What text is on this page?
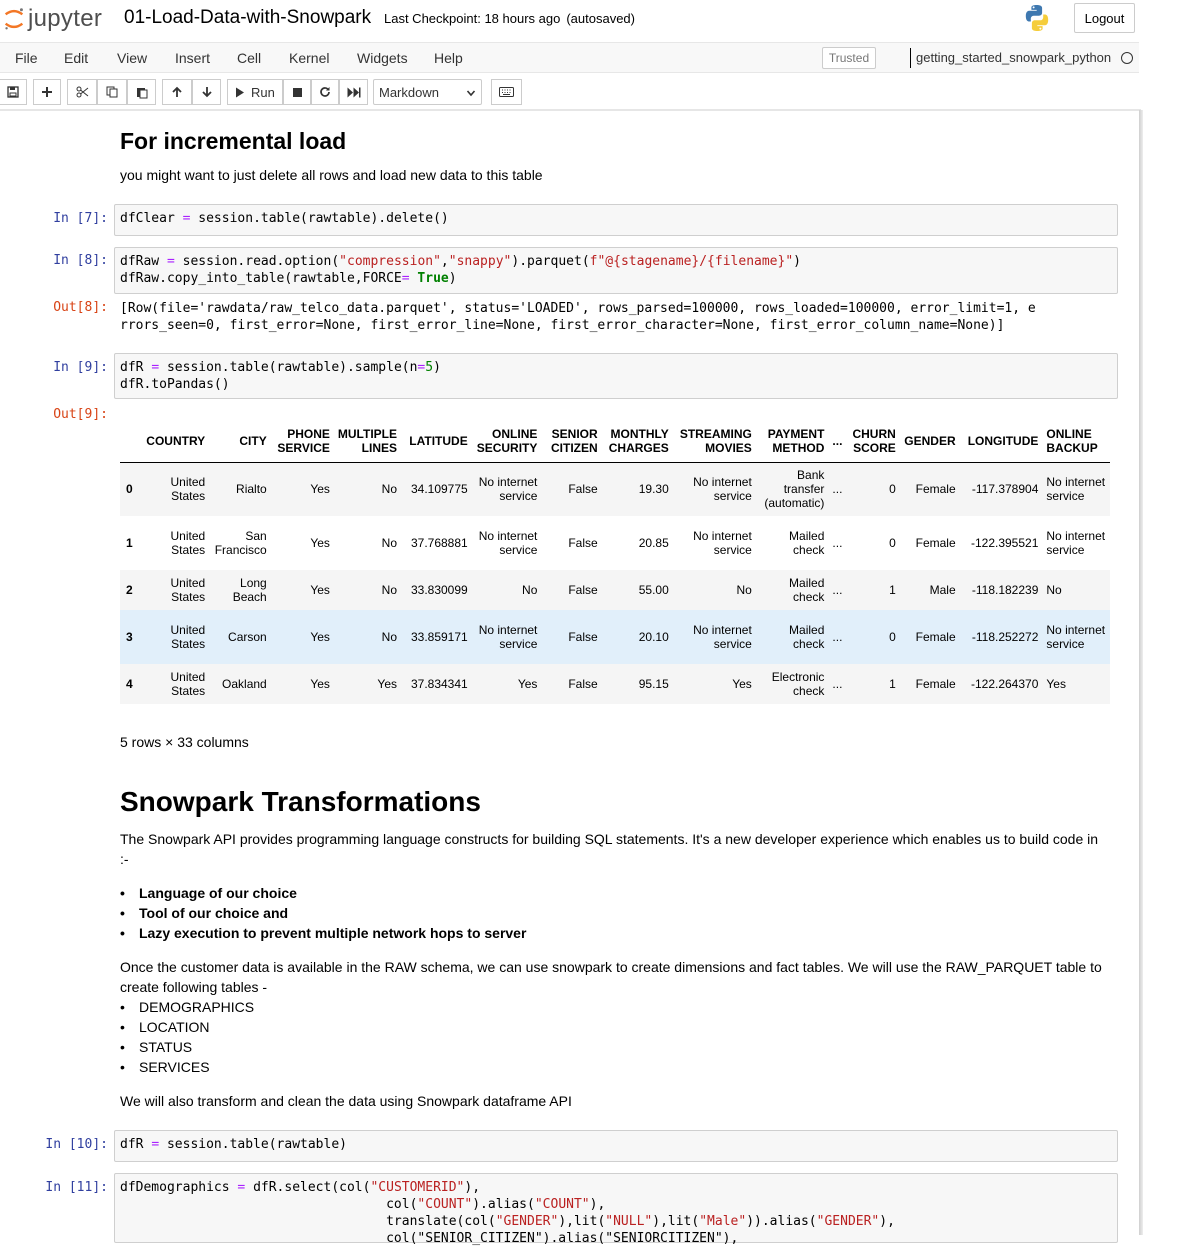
jupyter 01-Load-Data-with-Snowpark Last Checkpoint: 18 hours ago (autosaved)	Logout
File Edit View Insert Cell Kernel Widgets Help	Trusted	getting_started_snowpark_python
Run	Markdown
For incremental load
you might want to just delete all rows and load new data to this table
In [7]: dfClear = session.table(rawtable).delete()
In [8]: dfRaw = session.read.option("compression","snappy").parquet(f"@{stagename}/{filename}")
dfRaw.copy_into_table(rawtable,FORCE= True)
Out[8]: [Row(file='rawdata/raw_telco_data.parquet', status='LOADED', rows_parsed=100000, rows_loaded=100000, error_limit=1, e
rrors_seen=0, first_error=None, first_error_line=None, first_error_character=None, first_error_column_name=None)]
In [9]: dfR = session.table(rawtable).sample(n=5)
dfR.toPandas()
Out[9]:
	COUNTRY	CITY	PHONE SERVICE	MULTIPLE LINES	LATITUDE	ONLINE SECURITY	SENIOR CITIZEN	MONTHLY CHARGES	STREAMING MOVIES	PAYMENT METHOD	...	CHURN SCORE	GENDER	LONGITUDE	ONLINE BACKUP
0	United States	Rialto	Yes	No	34.109775	No internet service	False	19.30	No internet service	Bank transfer (automatic)	...	0	Female	-117.378904	No internet service
1	United States	San Francisco	Yes	No	37.768881	No internet service	False	20.85	No internet service	Mailed check	...	0	Female	-122.395521	No internet service
2	United States	Long Beach	Yes	No	33.830099	No	False	55.00	No	Mailed check	...	1	Male	-118.182239	No
3	United States	Carson	Yes	No	33.859171	No internet service	False	20.10	No internet service	Mailed check	...	0	Female	-118.252272	No internet service
4	United States	Oakland	Yes	Yes	37.834341	Yes	False	95.15	Yes	Electronic check	...	1	Female	-122.264370	Yes
5 rows × 33 columns
Snowpark Transformations
The Snowpark API provides programming language constructs for building SQL statements. It's a new developer experience which enables us to build code in :-
Language of our choice
Tool of our choice and
Lazy execution to prevent multiple network hops to server
Once the customer data is available in the RAW schema, we can use snowpark to create dimensions and fact tables. We will use the RAW_PARQUET table to create following tables -
DEMOGRAPHICS
LOCATION
STATUS
SERVICES
We will also transform and clean the data using Snowpark dataframe API
In [10]: dfR = session.table(rawtable)
In [11]: dfDemographics = dfR.select(col("CUSTOMERID"),
col("COUNT").alias("COUNT"),
translate(col("GENDER"),lit("NULL"),lit("Male")).alias("GENDER"),
col("SENIOR_CITIZEN").alias("SENIORCITIZEN"),
